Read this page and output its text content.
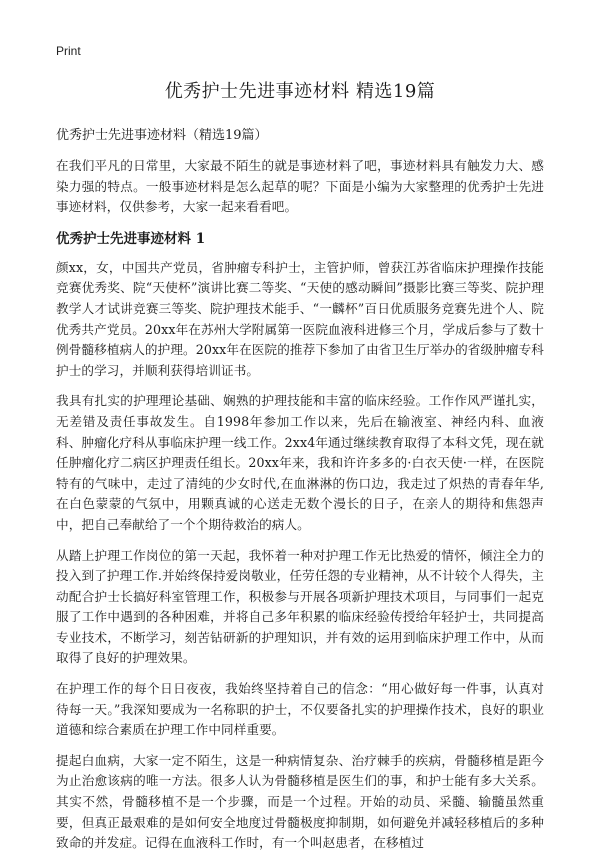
Print
优秀护士先进事迹材料 精选19篇
优秀护士先进事迹材料（精选19篇）

在我们平凡的日常里，大家最不陌生的就是事迹材料了吧，事迹材料具有触发力大、感染力强的特点。一般事迹材料是怎么起草的呢？下面是小编为大家整理的优秀护士先进事迹材料，仅供参考，大家一起来看看吧。

优秀护士先进事迹材料 1

颜xx，女，中国共产党员，省肿瘤专科护士，主管护师，曾获江苏省临床护理操作技能竞赛优秀奖、院“天使杯”演讲比赛二等奖、“天使的感动瞬间”摄影比赛三等奖、院护理教学人才试讲竞赛三等奖、院护理技术能手、“一麟杯”百日优质服务竞赛先进个人、院优秀共产党员。20xx年在苏州大学附属第一医院血液科进修三个月，学成后参与了数十例骨髓移植病人的护理。20xx年在医院的推荐下参加了由省卫生厅举办的省级肿瘤专科护士的学习，并顺利获得培训证书。

我具有扎实的护理理论基础、娴熟的护理技能和丰富的临床经验。工作作风严谨扎实，无差错及责任事故发生。自1998年参加工作以来，先后在输液室、神经内科、血液科、肿瘤化疗科从事临床护理一线工作。2xx4年通过继续教育取得了本科文凭，现在就任肿瘤化疗二病区护理责任组长。20xx年来，我和许许多多的·白衣天使·一样，在医院特有的气味中，走过了清纯的少女时代,在血淋淋的伤口边，我走过了炽热的青春年华,在白色蒙蒙的气氛中，用颗真诚的心送走无数个漫长的日子，在亲人的期待和焦怨声中，把自己奉献给了一个个期待救治的病人。

从踏上护理工作岗位的第一天起，我怀着一种对护理工作无比热爱的情怀，倾注全力的投入到了护理工作.并始终保持爱岗敬业，任劳任怨的专业精神，从不计较个人得失，主动配合护士长搞好科室管理工作，积极参与开展各项新护理技术项目，与同事们一起克服了工作中遇到的各种困难，并将自己多年积累的临床经验传授给年轻护士，共同提高专业技术，不断学习，刻苦钻研新的护理知识，并有效的运用到临床护理工作中，从而取得了良好的护理效果。

在护理工作的每个日日夜夜，我始终坚持着自己的信念：“用心做好每一件事，认真对待每一天。”我深知要成为一名称职的护士，不仅要备扎实的护理操作技术，良好的职业道德和综合素质在护理工作中同样重要。

提起白血病，大家一定不陌生，这是一种病情复杂、治疗棘手的疾病，骨髓移植是距今为止治愈该病的唯一方法。很多人认为骨髓移植是医生们的事，和护士能有多大关系。其实不然，骨髓移植不是一个步骤，而是一个过程。开始的动员、采髓、输髓虽然重要，但真正最艰难的是如何安全地度过骨髓极度抑制期，如何避免并减轻移植后的多种致命的并发症。记得在血液科工作时，有一个叫赵患者，在移植过
